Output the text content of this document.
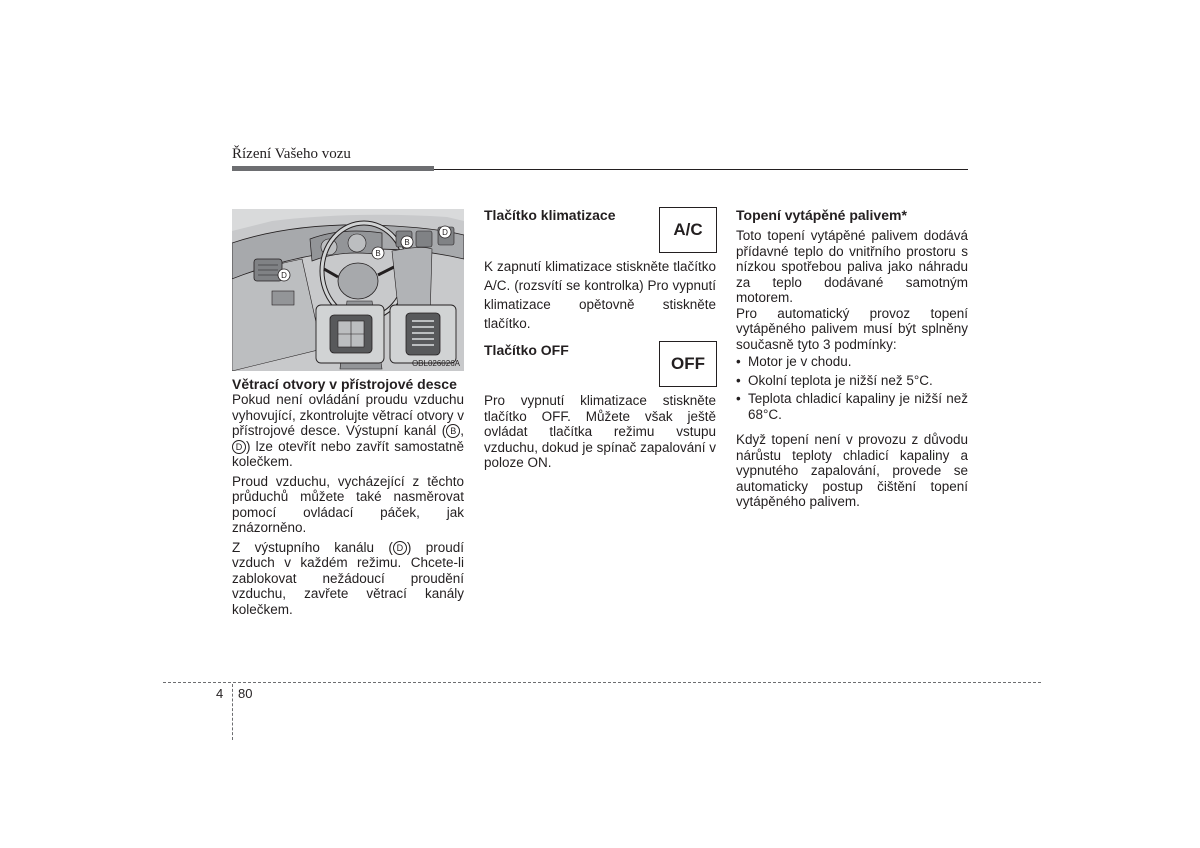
Řízení Vašeho vozu
B
B
D
D
OBL026026A

Větrací otvory v přístrojové desce

Pokud není ovládání proudu vzduchu vyhovující, zkontrolujte větrací otvory v přístrojové desce. Výstupní kanál ( B ,D ) lze otevřít nebo zavřít samostatně kolečkem.

Proud vzduchu, vycházející z těchto průduchů můžete také nasměrovat pomocí ovládací páček, jak znázorněno.

Z výstupního kanálu ( D ) proudí vzduch v každém režimu. Chcete-li zablokovat nežádoucí proudění vzduchu, zavřete větrací kanály kolečkem.

Tlačítko klimatizace
A/C
K zapnutí klimatizace stiskněte tlačítko A/C. (rozsvítí se kontrolka) Pro vypnutí klimatizace opětovně stiskněte tlačítko.
Tlačítko OFF
OFF
Pro vypnutí klimatizace stiskněte tlačítko OFF. Můžete však ještě ovládat tlačítka režimu vstupu vzduchu, dokud je spínač zapalování v poloze ON.

Topení vytápěné palivem*

Toto topení vytápěné palivem dodává přídavné teplo do vnitřního prostoru s nízkou spotřebou paliva jako náhradu za teplo dodávané samotným motorem.

Pro automatický provoz topení vytápěného palivem musí být splněny současně tyto 3 podmínky:

• Motor je v chodu.
• Okolní teplota je nižší než 5°C.
• Teplota chladicí kapaliny je nižší než 68°C.

Když topení není v provozu z důvodu nárůstu teploty chladicí kapaliny a vypnutého zapalování, provede se automaticky postup čištění topení vytápěného palivem.

4 80
